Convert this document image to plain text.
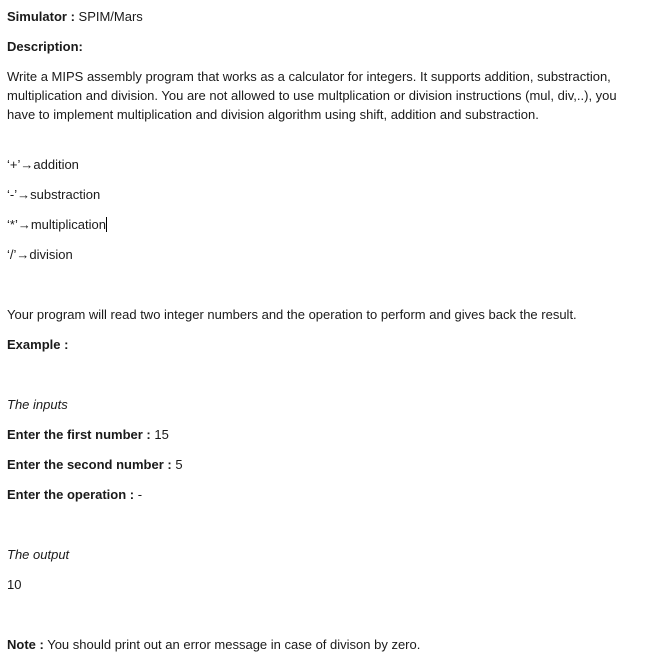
Simulator : SPIM/Mars
Description:
Write a MIPS assembly program that works as a calculator for integers. It supports addition, substraction, multiplication and division. You are not allowed to use multplication or division instructions (mul, div,..), you have to implement multiplication and division algorithm using shift, addition and substraction.
‘+’→addition
‘-’→substraction
‘*’→multiplication
‘/’→division
Your program will read two integer numbers and the operation to perform and gives back the result.
Example :
The inputs
Enter the first number : 15
Enter the second number : 5
Enter the operation : -
The output
10
Note : You should print out an error message in case of divison by zero.
